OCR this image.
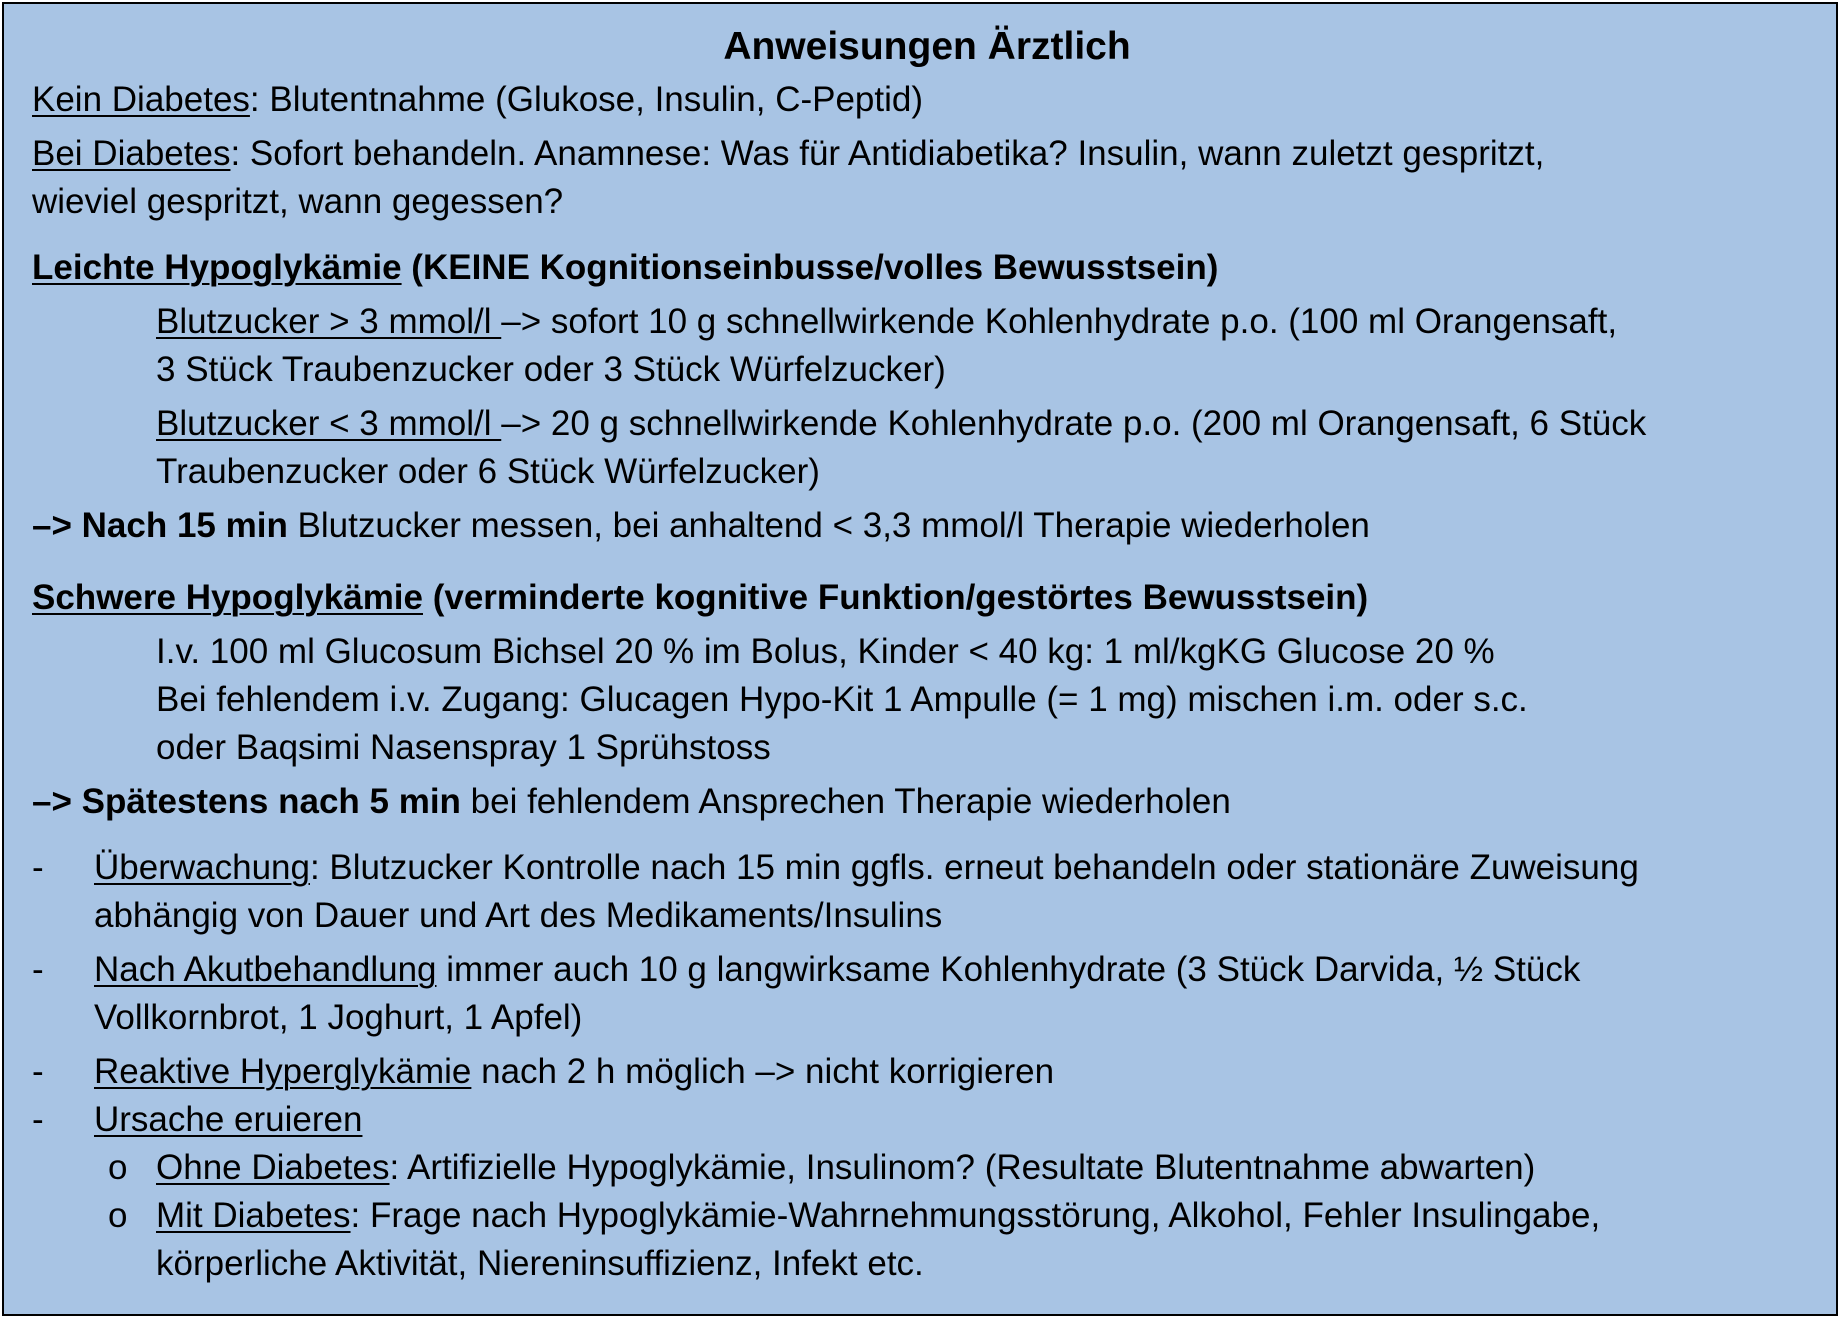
Anweisungen Ärztlich

Kein Diabetes: Blutentnahme (Glukose, Insulin, C-Peptid)

Bei Diabetes: Sofort behandeln. Anamnese: Was für Antidiabetika? Insulin, wann zuletzt gespritzt,
wieviel gespritzt, wann gegessen?

Leichte Hypoglykämie (KEINE Kognitionseinbusse/volles Bewusstsein)

Blutzucker > 3 mmol/l –> sofort 10 g schnellwirkende Kohlenhydrate p.o. (100 ml Orangensaft,
3 Stück Traubenzucker oder 3 Stück Würfelzucker)

Blutzucker < 3 mmol/l –> 20 g schnellwirkende Kohlenhydrate p.o. (200 ml Orangensaft, 6 Stück
Traubenzucker oder 6 Stück Würfelzucker)

–> Nach 15 min Blutzucker messen, bei anhaltend < 3,3 mmol/l Therapie wiederholen

Schwere Hypoglykämie (verminderte kognitive Funktion/gestörtes Bewusstsein)

I.v. 100 ml Glucosum Bichsel 20 % im Bolus, Kinder < 40 kg: 1 ml/kgKG Glucose 20 %
Bei fehlendem i.v. Zugang: Glucagen Hypo-Kit 1 Ampulle (= 1 mg) mischen i.m. oder s.c.
oder Baqsimi Nasenspray 1 Sprühstoss

–> Spätestens nach 5 min bei fehlendem Ansprechen Therapie wiederholen

- Überwachung: Blutzucker Kontrolle nach 15 min ggfls. erneut behandeln oder stationäre Zuweisung
abhängig von Dauer und Art des Medikaments/Insulins
- Nach Akutbehandlung immer auch 10 g langwirksame Kohlenhydrate (3 Stück Darvida, ½ Stück
Vollkornbrot, 1 Joghurt, 1 Apfel)
- Reaktive Hyperglykämie nach 2 h möglich –> nicht korrigieren
- Ursache eruieren
o Ohne Diabetes: Artifizielle Hypoglykämie, Insulinom? (Resultate Blutentnahme abwarten)
o Mit Diabetes: Frage nach Hypoglykämie-Wahrnehmungsstörung, Alkohol, Fehler Insulingabe,
körperliche Aktivität, Niereninsuffizienz, Infekt etc.
